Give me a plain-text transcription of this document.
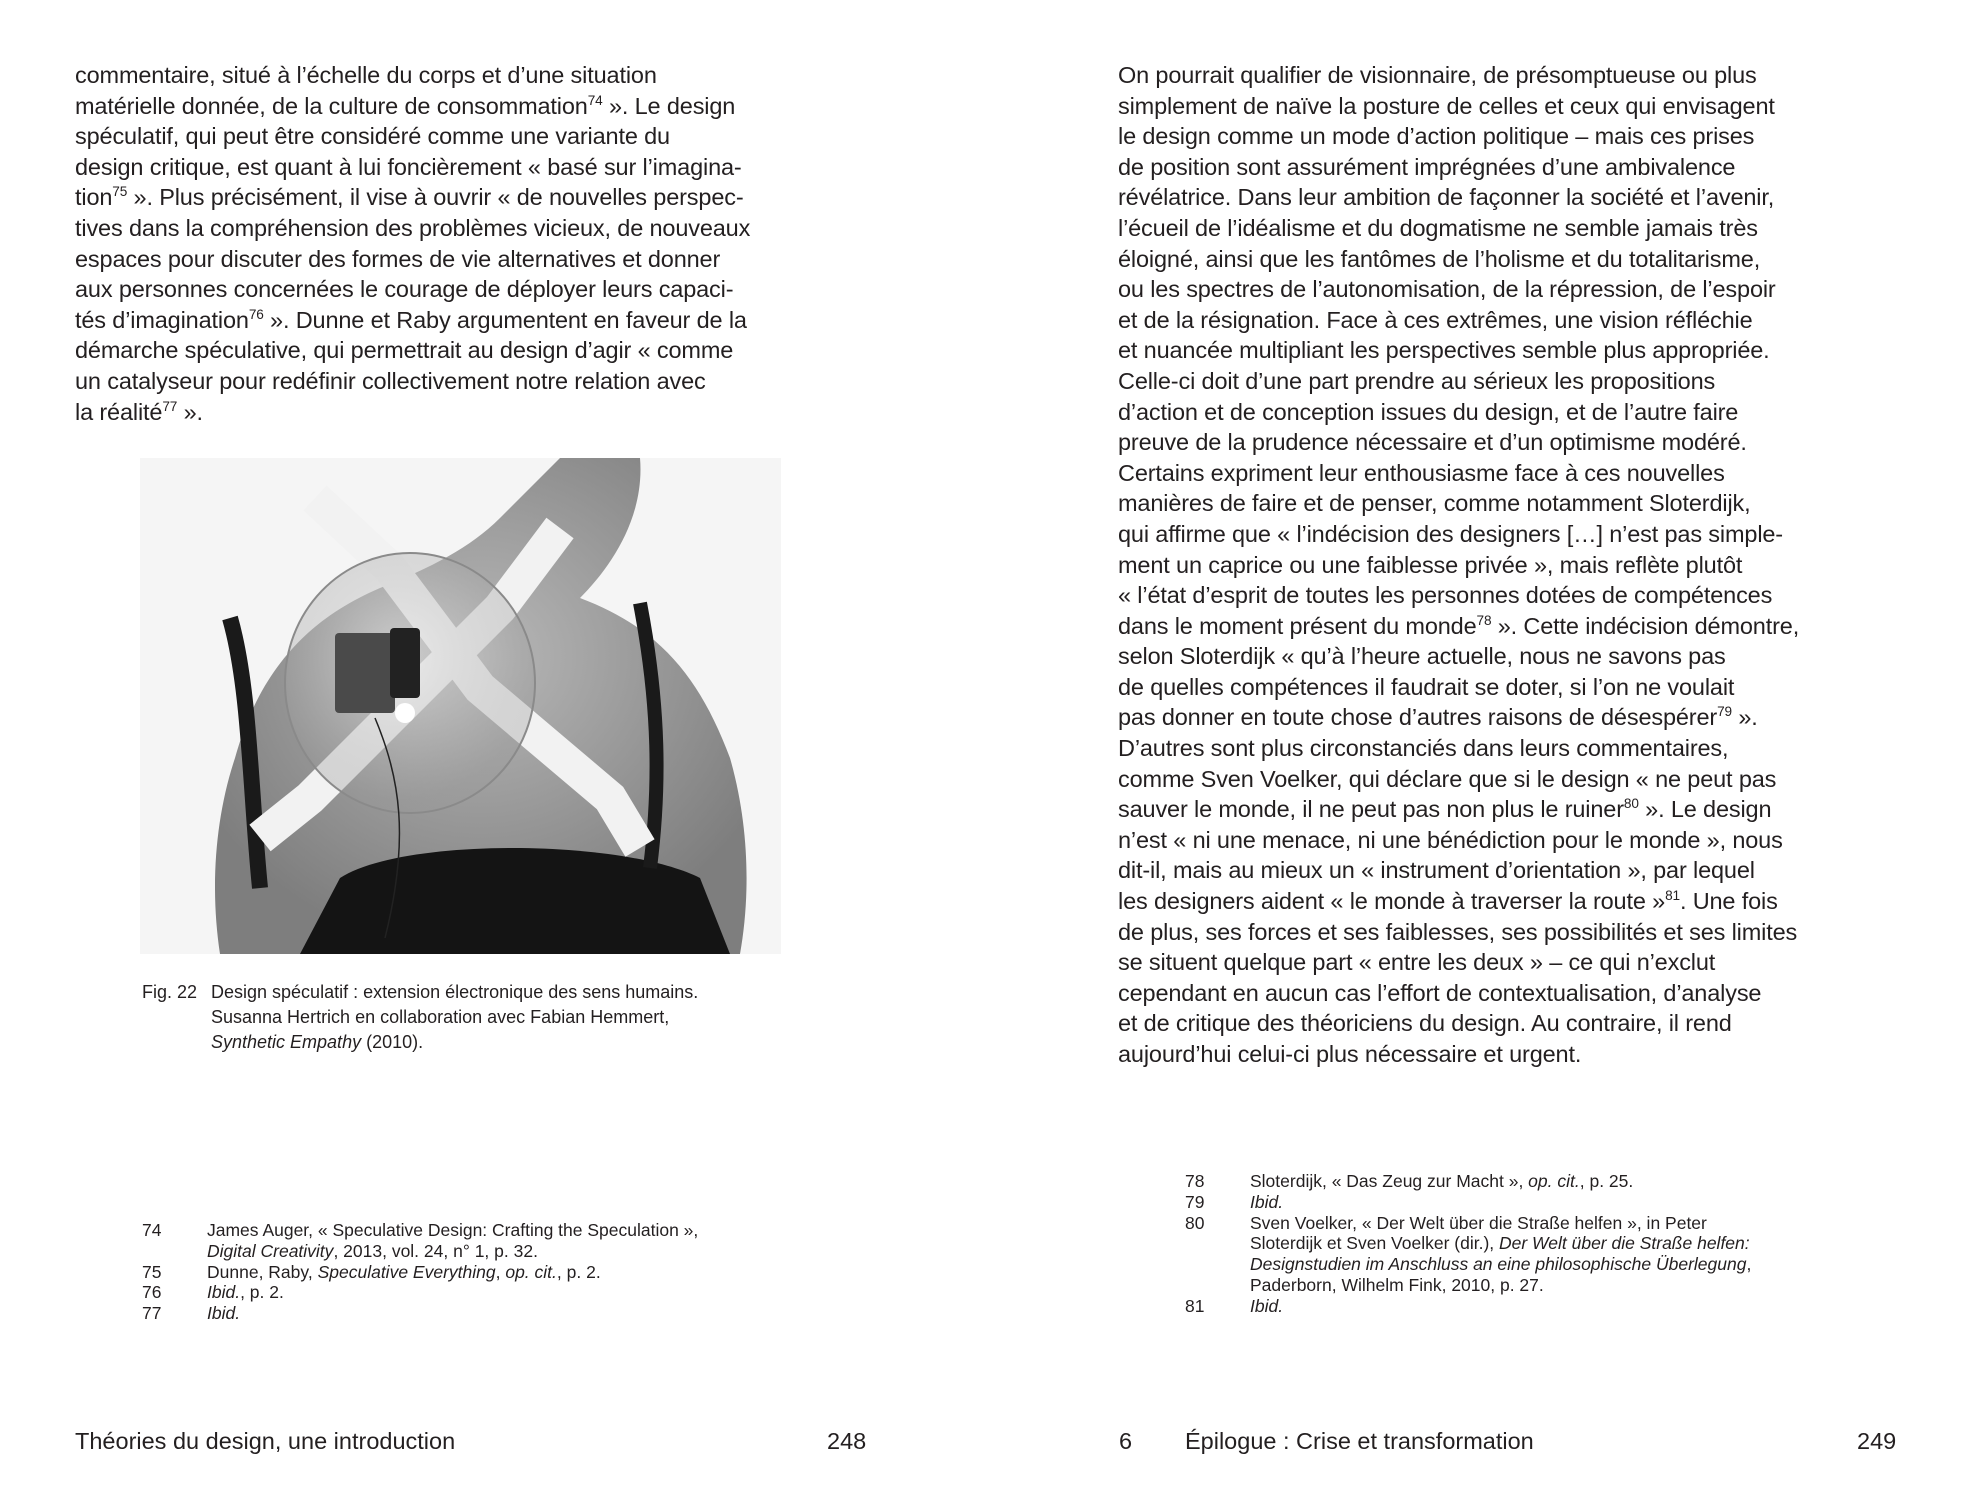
commentaire, situé à l’échelle du corps et d’une situation
matérielle donnée, de la culture de consommation$^{74}$ ». Le design
spéculatif, qui peut être considéré comme une variante du
design critique, est quant à lui foncièrement « basé sur l’imagina-
tion$^{75}$ ». Plus précisément, il vise à ouvrir « de nouvelles perspec-
tives dans la compréhension des problèmes vicieux, de nouveaux
espaces pour discuter des formes de vie alternatives et donner
aux personnes concernées le courage de déployer leurs capaci-
tés d’imagination$^{76}$ ». Dunne et Raby argumentent en faveur de la
démarche spéculative, qui permettrait au design d’agir « comme
un catalyseur pour redéfinir collectivement notre relation avec
la réalité$^{77}$ ».

Fig. 22 Design spéculatif : extension électronique des sens humains.
Susanna Hertrich en collaboration avec Fabian Hemmert,
Synthetic Empathy (2010).
74	James Auger, « Speculative Design: Crafting the Speculation »,
Digital Creativity, 2013, vol. 24, n° 1, p. 32.
75	Dunne, Raby, Speculative Everything, op. cit., p. 2.
76	Ibid., p. 2.
77	Ibid.
Théories du design, une introduction	248

On pourrait qualifier de visionnaire, de présomptueuse ou plus
simplement de naïve la posture de celles et ceux qui envisagent
le design comme un mode d’action politique – mais ces prises
de position sont assurément imprégnées d’une ambivalence
révélatrice. Dans leur ambition de façonner la société et l’avenir,
l’écueil de l’idéalisme et du dogmatisme ne semble jamais très
éloigné, ainsi que les fantômes de l’holisme et du totalitarisme,
ou les spectres de l’autonomisation, de la répression, de l’espoir
et de la résignation. Face à ces extrêmes, une vision réfléchie
et nuancée multipliant les perspectives semble plus appropriée.
Celle-ci doit d’une part prendre au sérieux les propositions
d’action et de conception issues du design, et de l’autre faire
preuve de la prudence nécessaire et d’un optimisme modéré.
Certains expriment leur enthousiasme face à ces nouvelles
manières de faire et de penser, comme notamment Sloterdijk,
qui affirme que « l’indécision des designers […] n’est pas simple-
ment un caprice ou une faiblesse privée », mais reflète plutôt
« l’état d’esprit de toutes les personnes dotées de compétences
dans le moment présent du monde$^{78}$ ». Cette indécision démontre,
selon Sloterdijk « qu’à l’heure actuelle, nous ne savons pas
de quelles compétences il faudrait se doter, si l’on ne voulait
pas donner en toute chose d’autres raisons de désespérer$^{79}$ ».
D’autres sont plus circonstanciés dans leurs commentaires,
comme Sven Voelker, qui déclare que si le design « ne peut pas
sauver le monde, il ne peut pas non plus le ruiner$^{80}$ ». Le design
n’est « ni une menace, ni une bénédiction pour le monde », nous
dit-il, mais au mieux un « instrument d’orientation », par lequel
les designers aident « le monde à traverser la route »$^{81}$. Une fois
de plus, ses forces et ses faiblesses, ses possibilités et ses limites
se situent quelque part « entre les deux » – ce qui n’exclut
cependant en aucun cas l’effort de contextualisation, d’analyse
et de critique des théoriciens du design. Au contraire, il rend
aujourd’hui celui-ci plus nécessaire et urgent.

78	Sloterdijk, « Das Zeug zur Macht », op. cit., p. 25.
79	Ibid.
80	Sven Voelker, « Der Welt über die Straße helfen », in Peter
Sloterdijk et Sven Voelker (dir.), Der Welt über die Straße helfen:
Designstudien im Anschluss an eine philosophische Überlegung,
Paderborn, Wilhelm Fink, 2010, p. 27.
81	Ibid.
6 Épilogue : Crise et transformation	249
